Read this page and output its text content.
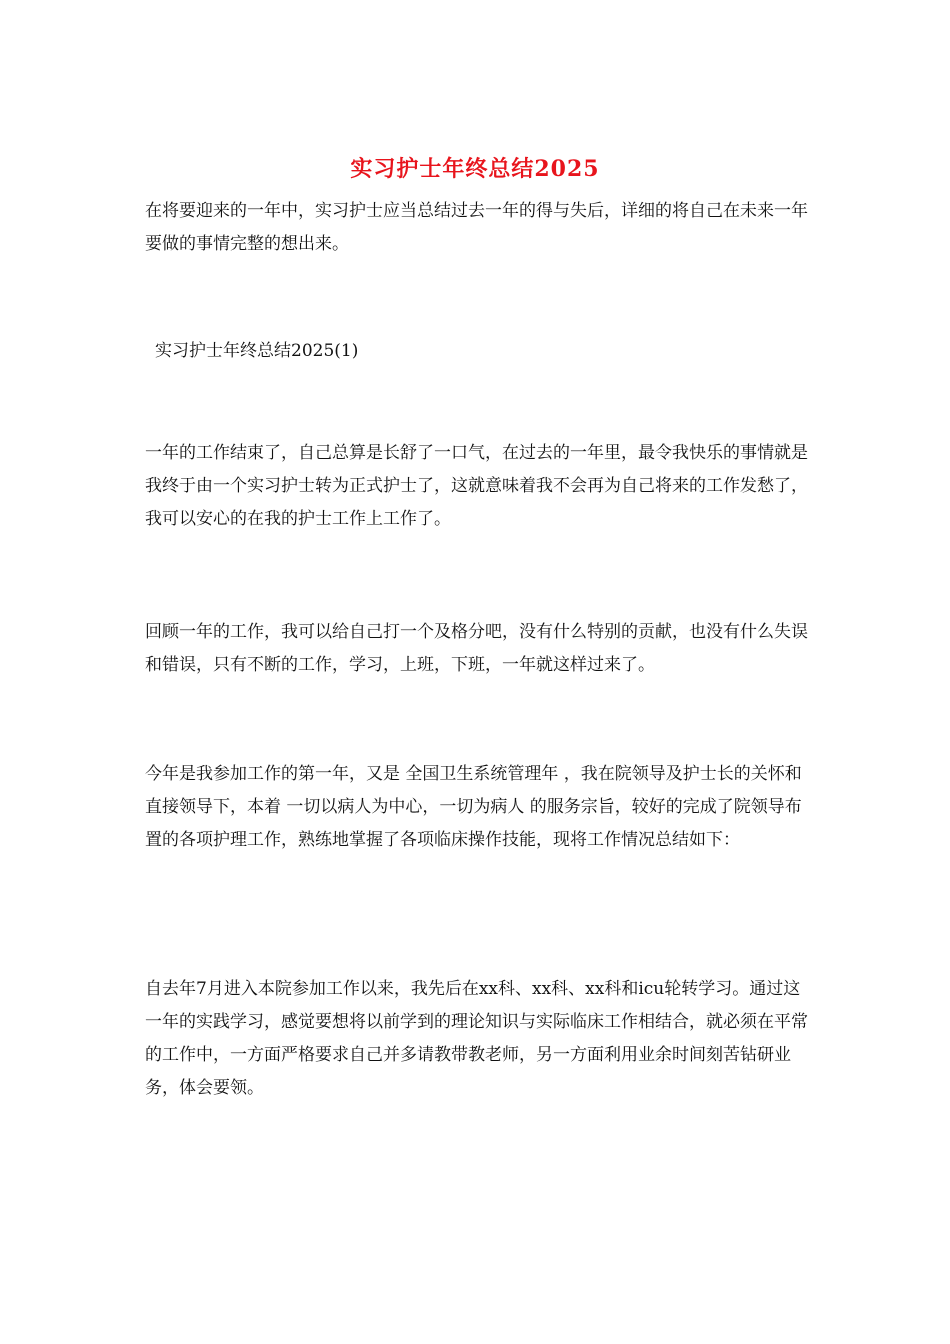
实习护士年终总结2025

在将要迎来的一年中，实习护士应当总结过去一年的得与失后，详细的将自己在未来一年要做的事情完整的想出来。

实习护士年终总结2025(1)

一年的工作结束了，自己总算是长舒了一口气，在过去的一年里，最令我快乐的事情就是我终于由一个实习护士转为正式护士了，这就意味着我不会再为自己将来的工作发愁了，我可以安心的在我的护士工作上工作了。

回顾一年的工作，我可以给自己打一个及格分吧，没有什么特别的贡献，也没有什么失误和错误，只有不断的工作，学习，上班，下班，一年就这样过来了。

今年是我参加工作的第一年，又是 全国卫生系统管理年 ，我在院领导及护士长的关怀和直接领导下，本着 一切以病人为中心，一切为病人 的服务宗旨，较好的完成了院领导布置的各项护理工作，熟练地掌握了各项临床操作技能，现将工作情况总结如下：

自去年7月进入本院参加工作以来，我先后在xx科、xx科、xx科和icu轮转学习。通过这一年的实践学习，感觉要想将以前学到的理论知识与实际临床工作相结合，就必须在平常的工作中，一方面严格要求自己并多请教带教老师，另一方面利用业余时间刻苦钻研业务，体会要领。
